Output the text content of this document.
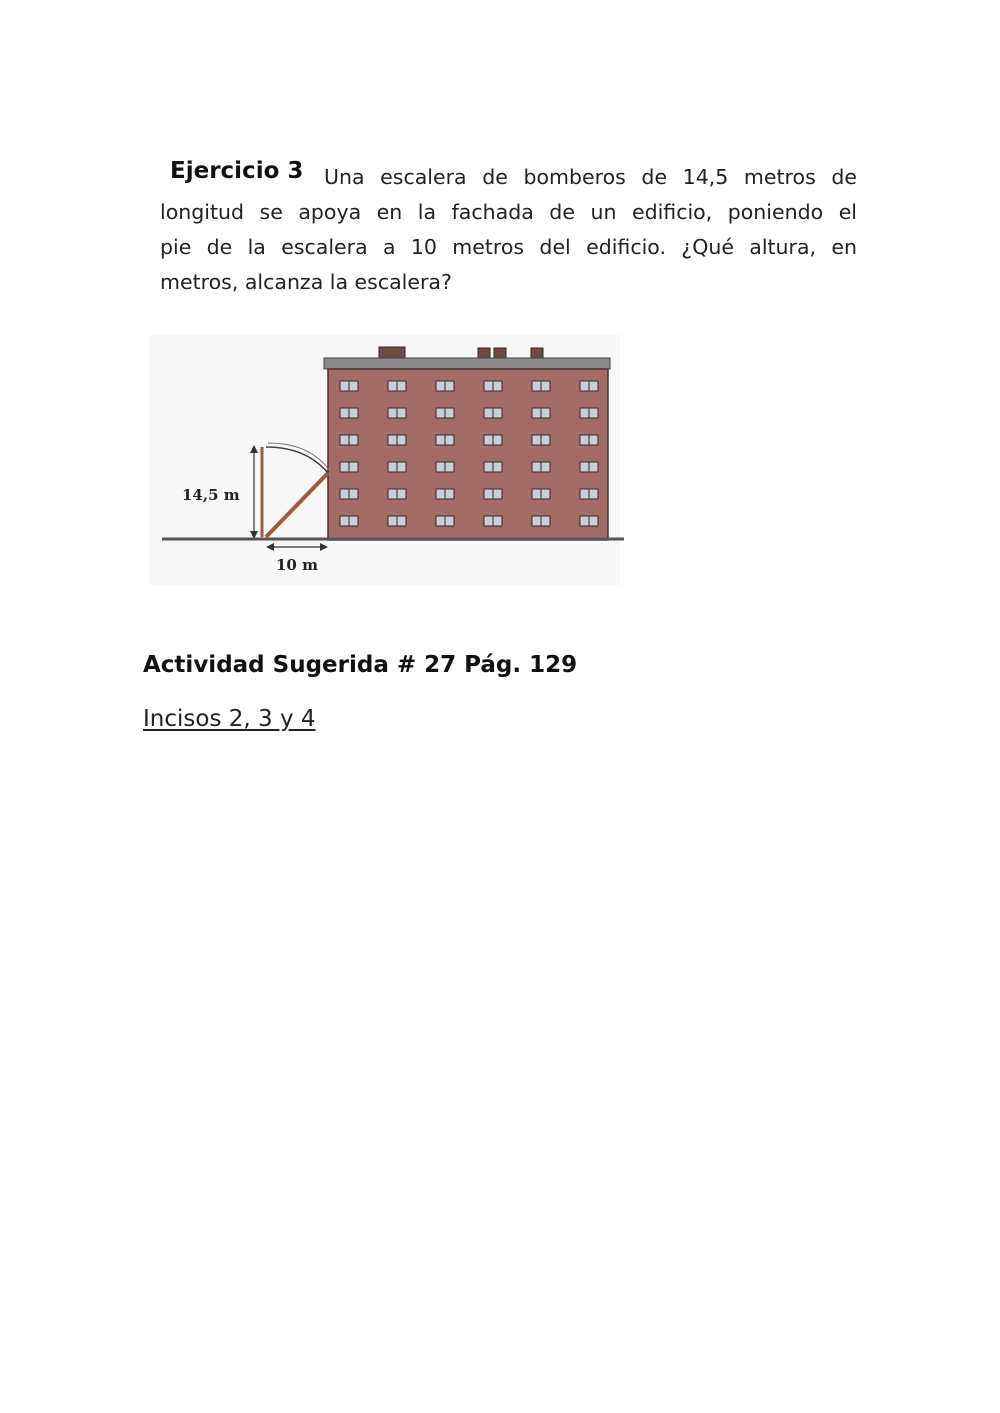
Ejercicio 3 Una escalera de bomberos de 14,5 metros de
longitud se apoya en la fachada de un edificio, poniendo el
pie de la escalera a 10 metros del edificio. ¿Qué altura, en
metros, alcanza la escalera?
14,5 m
10 m
Actividad Sugerida # 27 Pág. 129
Incisos 2, 3 y 4
